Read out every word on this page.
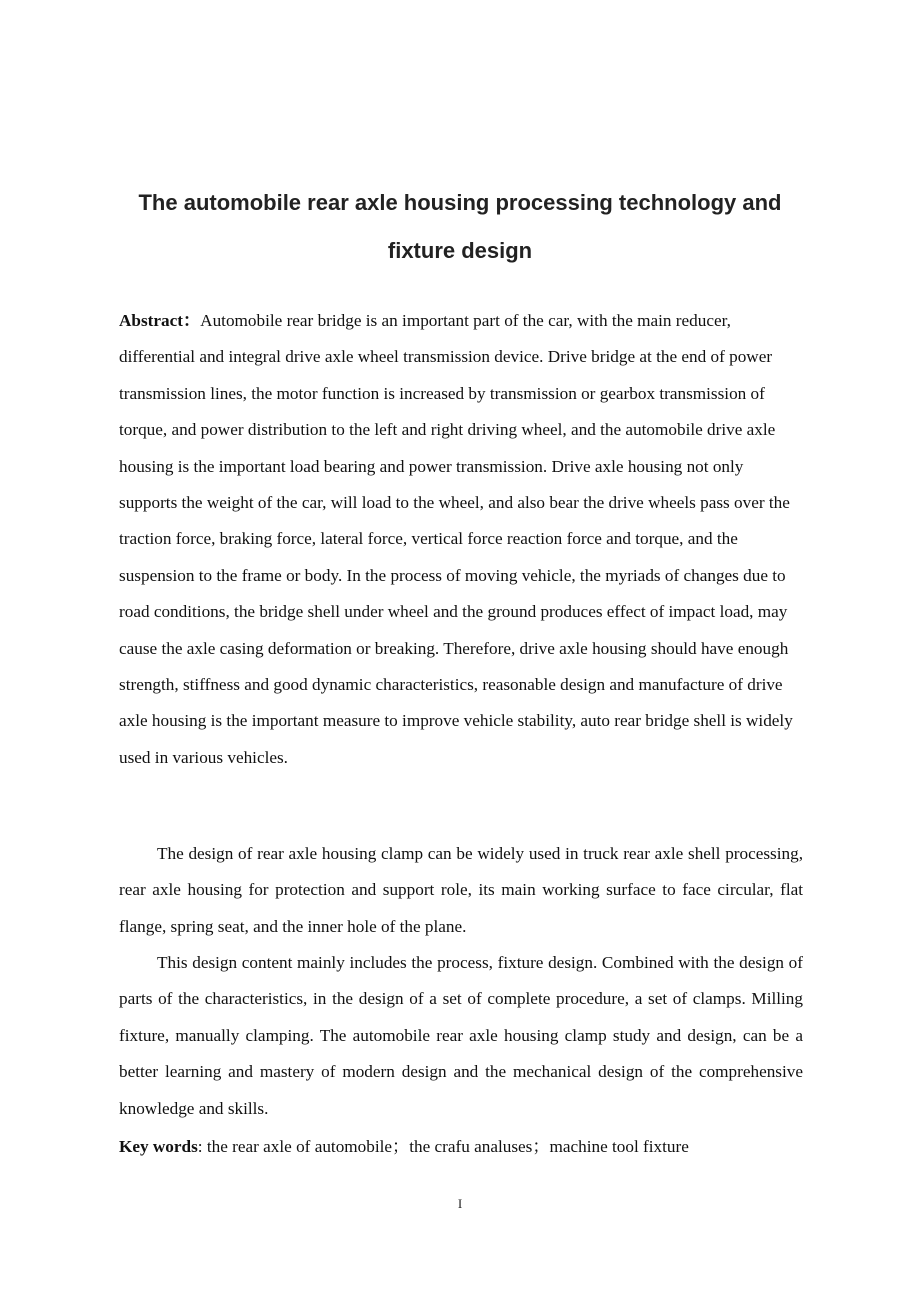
The automobile rear axle housing processing technology and
fixture design

Abstract：Automobile rear bridge is an important part of the car, with the main reducer, differential and integral drive axle wheel transmission device. Drive bridge at the end of power transmission lines, the motor function is increased by transmission or gearbox transmission of torque, and power distribution to the left and right driving wheel, and the automobile drive axle housing is the important load bearing and power transmission. Drive axle housing not only supports the weight of the car, will load to the wheel, and also bear the drive wheels pass over the traction force, braking force, lateral force, vertical force reaction force and torque, and the suspension to the frame or body. In the process of moving vehicle, the myriads of changes due to road conditions, the bridge shell under wheel and the ground produces effect of impact load, may cause the axle casing deformation or breaking. Therefore, drive axle housing should have enough strength, stiffness and good dynamic characteristics, reasonable design and manufacture of drive axle housing is the important measure to improve vehicle stability, auto rear bridge shell is widely used in various vehicles.

The design of rear axle housing clamp can be widely used in truck rear axle shell processing, rear axle housing for protection and support role, its main working surface to face circular, flat flange, spring seat, and the inner hole of the plane.

This design content mainly includes the process, fixture design. Combined with the design of parts of the characteristics, in the design of a set of complete procedure, a set of clamps. Milling fixture, manually clamping. The automobile rear axle housing clamp study and design, can be a better learning and mastery of modern design and the mechanical design of the comprehensive knowledge and skills.

Key words: the rear axle of automobile；the crafu analuses；machine tool fixture

I
